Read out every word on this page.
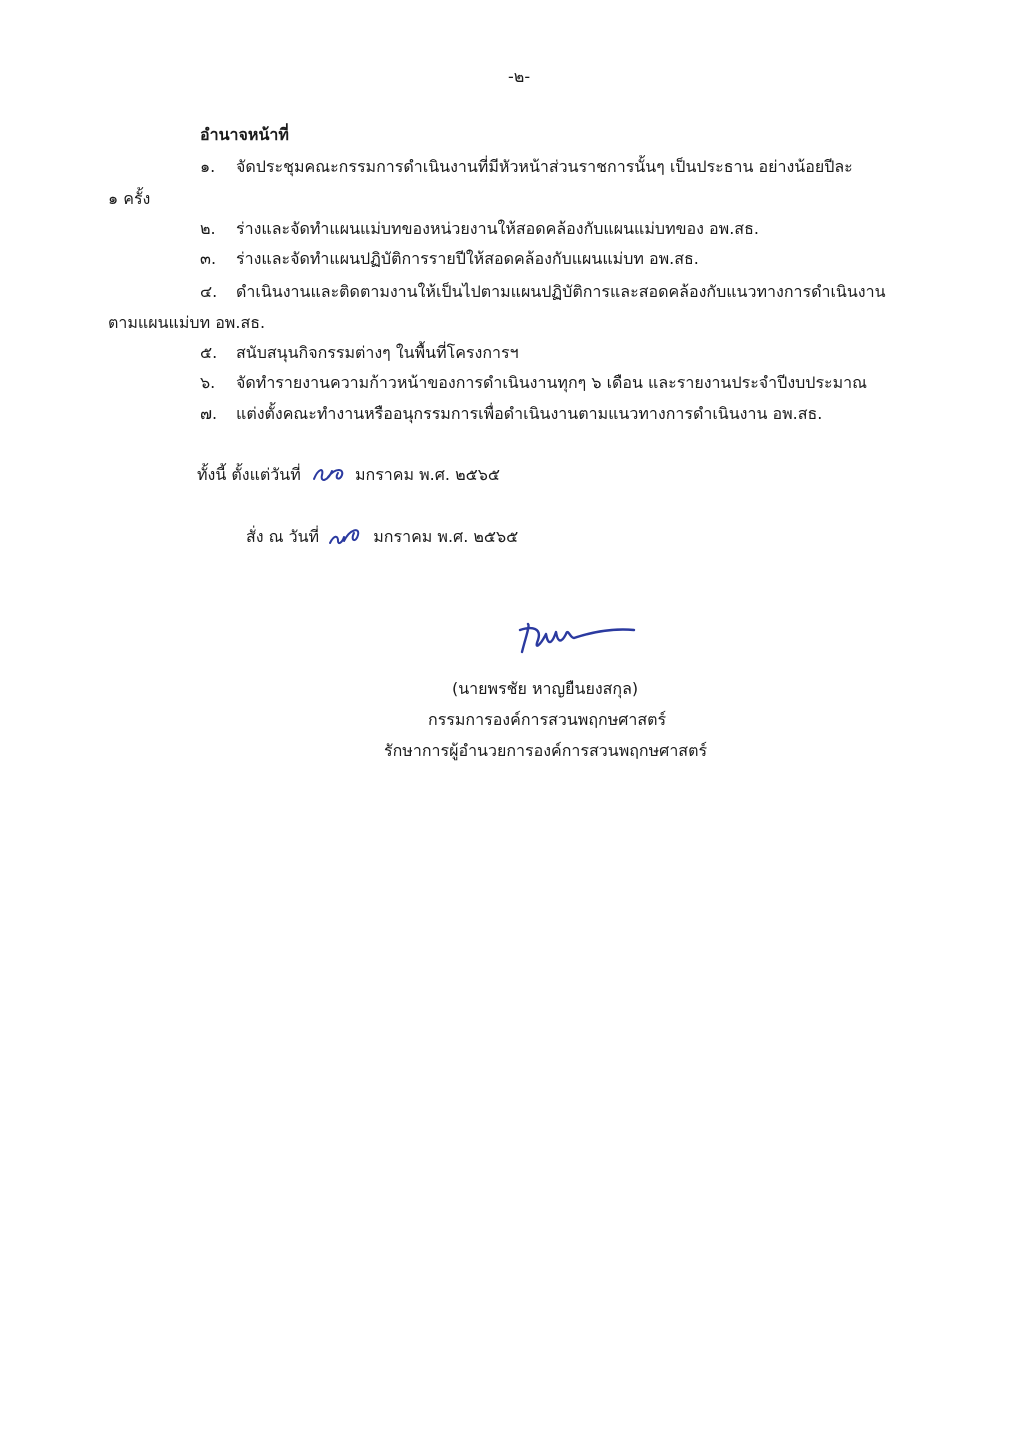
-๒-
อำนาจหน้าที่
๑. จัดประชุมคณะกรรมการดำเนินงานที่มีหัวหน้าส่วนราชการนั้นๆ เป็นประธาน อย่างน้อยปีละ
๑ ครั้ง
๒. ร่างและจัดทำแผนแม่บทของหน่วยงานให้สอดคล้องกับแผนแม่บทของ อพ.สธ.
๓. ร่างและจัดทำแผนปฏิบัติการรายปีให้สอดคล้องกับแผนแม่บท อพ.สธ.
๔. ดำเนินงานและติดตามงานให้เป็นไปตามแผนปฏิบัติการและสอดคล้องกับแนวทางการดำเนินงาน
ตามแผนแม่บท อพ.สธ.
๕. สนับสนุนกิจกรรมต่างๆ ในพื้นที่โครงการฯ
๖. จัดทำรายงานความก้าวหน้าของการดำเนินงานทุกๆ ๖ เดือน และรายงานประจำปีงบประมาณ
๗. แต่งตั้งคณะทำงานหรืออนุกรรมการเพื่อดำเนินงานตามแนวทางการดำเนินงาน อพ.สธ.
ทั้งนี้ ตั้งแต่วันที่	มกราคม พ.ศ. ๒๕๖๕
สั่ง ณ วันที่	มกราคม พ.ศ. ๒๕๖๕
(นายพรชัย หาญยืนยงสกุล)
กรรมการองค์การสวนพฤกษศาสตร์
รักษาการผู้อำนวยการองค์การสวนพฤกษศาสตร์
